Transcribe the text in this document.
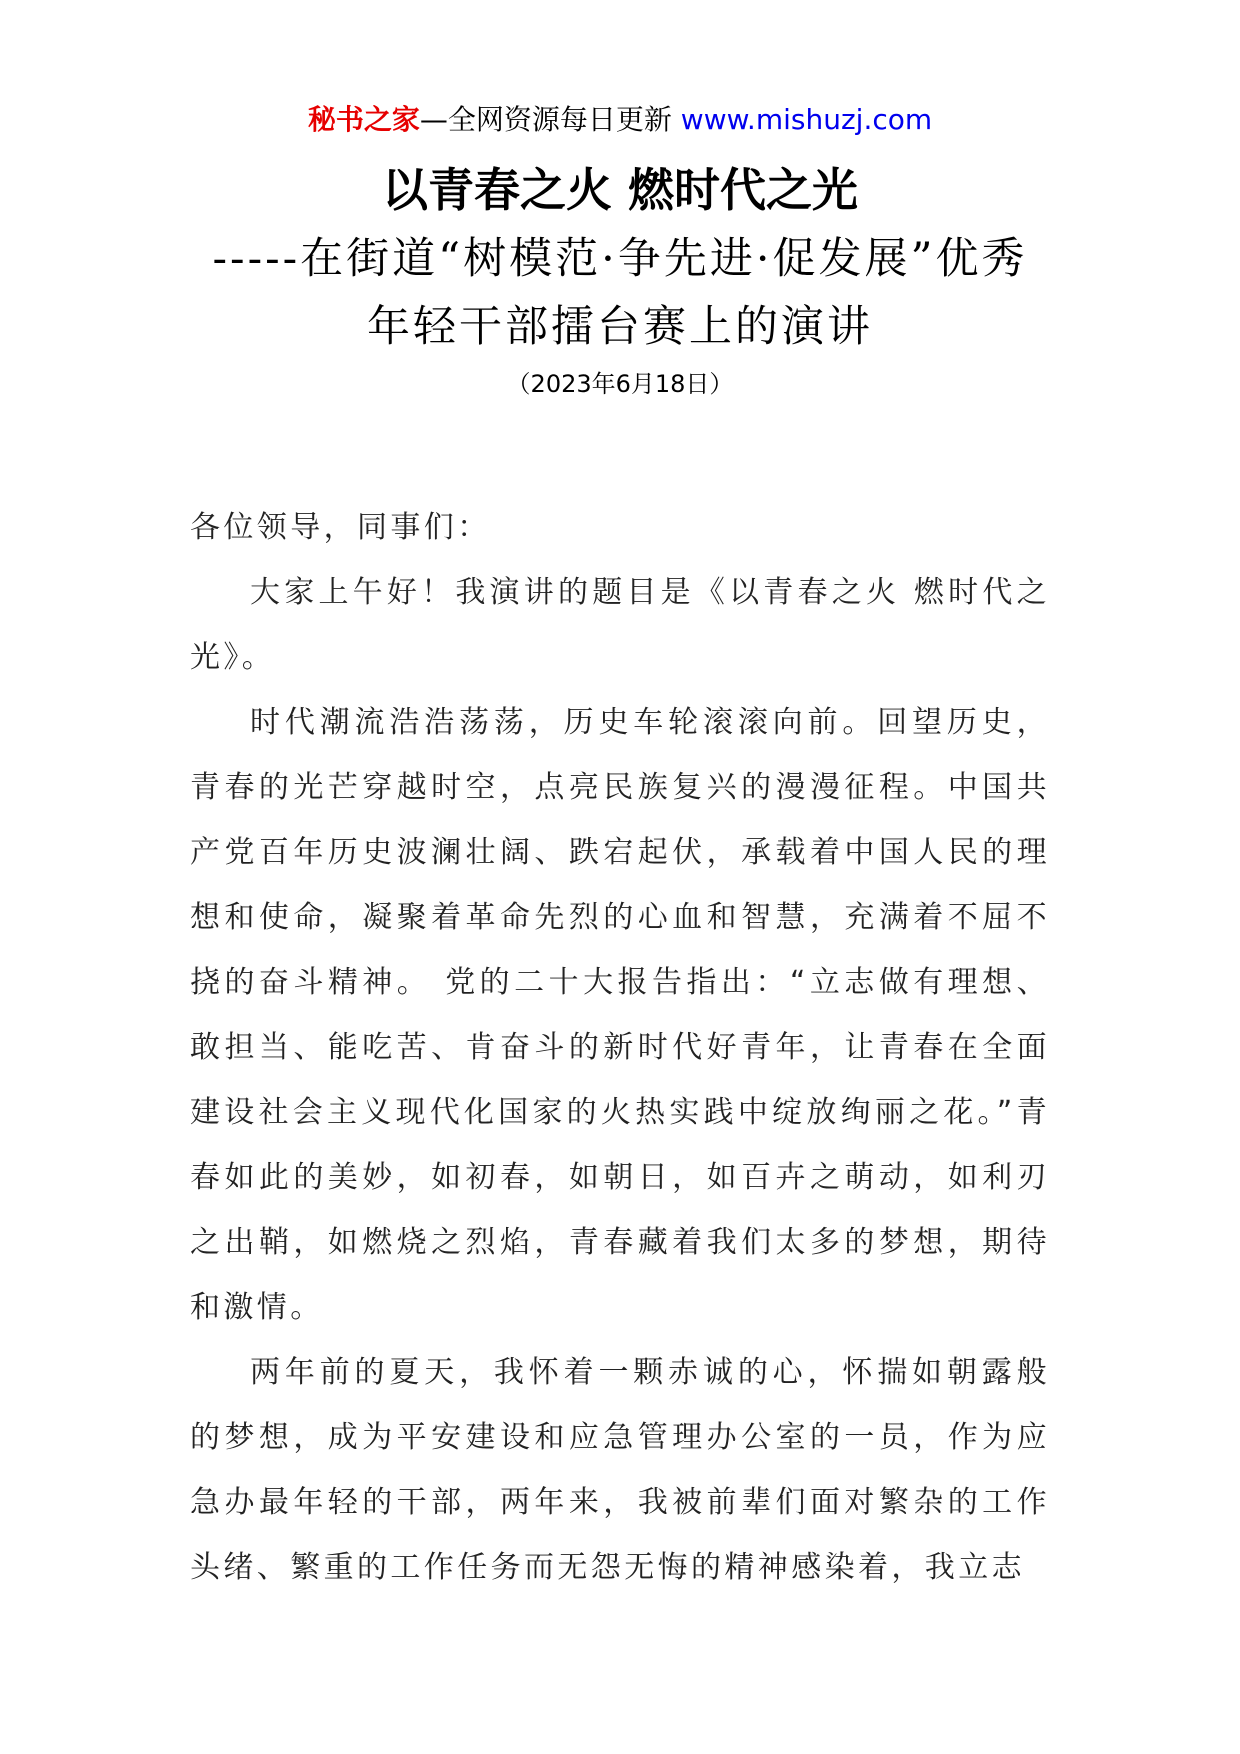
秘书之家—全网资源每日更新 www.mishuzj.com
以青春之火 燃时代之光
-----在街道“树模范·争先进·促发展”优秀年轻干部擂台赛上的演讲
（2023年6月18日）

各位领导，同事们：

大家上午好！我演讲的题目是《以青春之火 燃时代之光》。

时代潮流浩浩荡荡，历史车轮滚滚向前。回望历史，青春的光芒穿越时空，点亮民族复兴的漫漫征程。中国共产党百年历史波澜壮阔、跌宕起伏，承载着中国人民的理想和使命，凝聚着革命先烈的心血和智慧，充满着不屈不挠的奋斗精神。 党的二十大报告指出：“立志做有理想、敢担当、能吃苦、肯奋斗的新时代好青年，让青春在全面建设社会主义现代化国家的火热实践中绽放绚丽之花。”青春如此的美妙，如初春，如朝日，如百卉之萌动，如利刃之出鞘，如燃烧之烈焰，青春藏着我们太多的梦想，期待和激情。

两年前的夏天，我怀着一颗赤诚的心，怀揣如朝露般的梦想，成为平安建设和应急管理办公室的一员，作为应急办最年轻的干部，两年来，我被前辈们面对繁杂的工作头绪、繁重的工作任务而无怨无悔的精神感染着，我立志
